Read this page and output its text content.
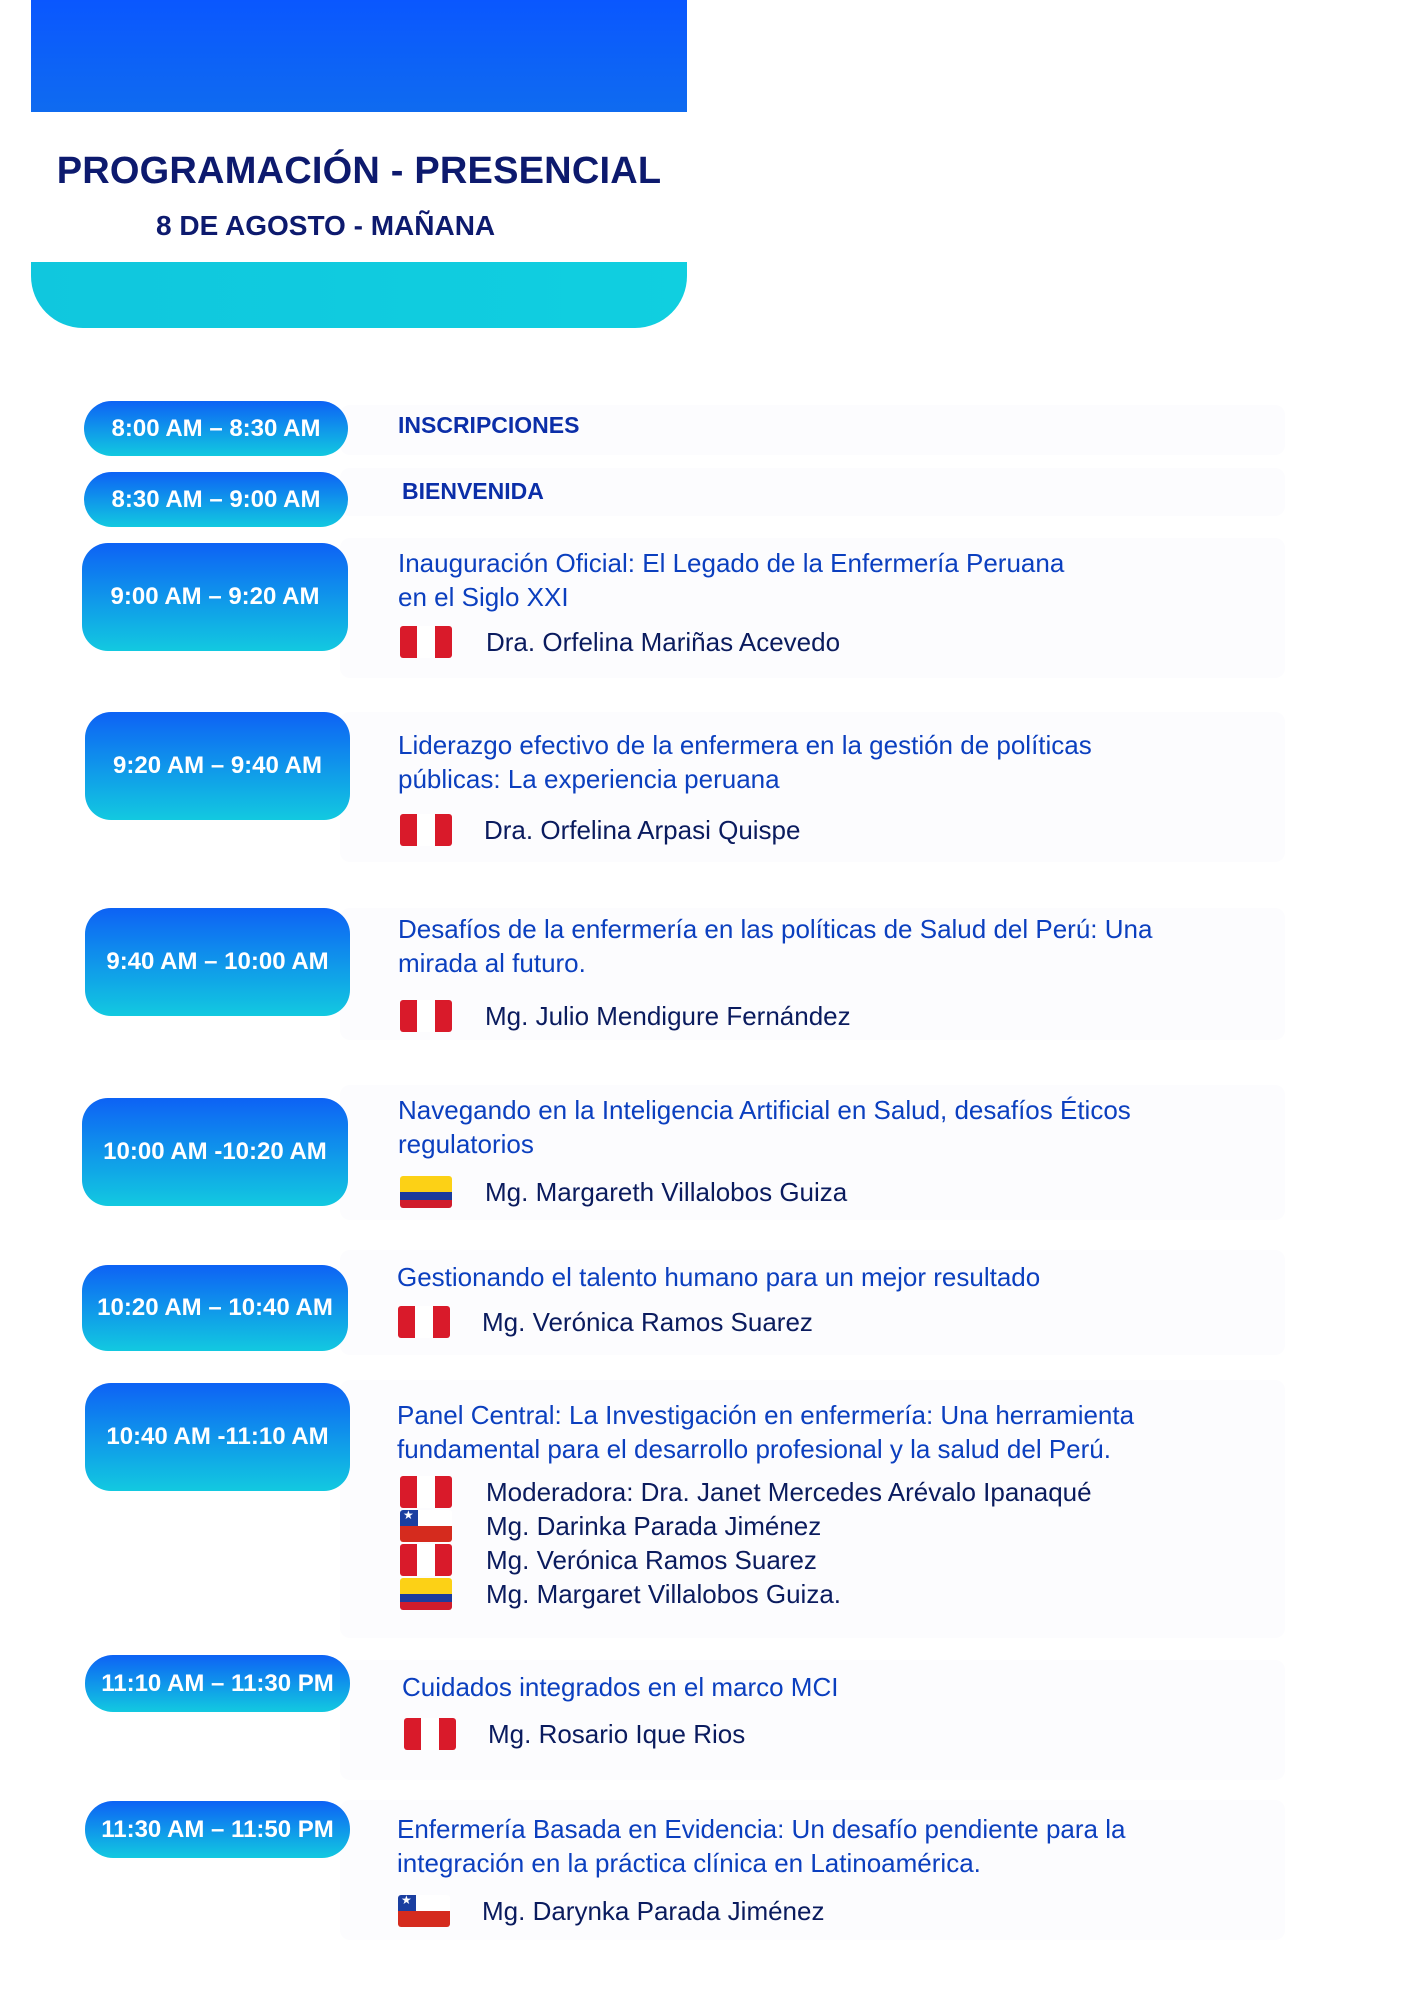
PROGRAMACIÓN - PRESENCIAL
8 DE AGOSTO - MAÑANA
8:00 AM – 8:30 AM	INSCRIPCIONES
8:30 AM – 9:00 AM	BIENVENIDA
9:00 AM – 9:20 AM
Inauguración Oficial: El Legado de la Enfermería Peruana
en el Siglo XXI
Dra. Orfelina Mariñas Acevedo
9:20 AM – 9:40 AM
Liderazgo efectivo de la enfermera en la gestión de políticas
públicas: La experiencia peruana
Dra. Orfelina Arpasi Quispe
9:40 AM – 10:00 AM
Desafíos de la enfermería en las políticas de Salud del Perú: Una
mirada al futuro.
Mg. Julio Mendigure Fernández
10:00 AM -10:20 AM
Navegando en la Inteligencia Artificial en Salud, desafíos Éticos
regulatorios
Mg. Margareth Villalobos Guiza
10:20 AM – 10:40 AM
Gestionando el talento humano para un mejor resultado
Mg. Verónica Ramos Suarez
10:40 AM -11:10 AM
Panel Central: La Investigación en enfermería: Una herramienta
fundamental para el desarrollo profesional y la salud del Perú.
Moderadora: Dra. Janet Mercedes Arévalo Ipanaqué
★
Mg. Darinka Parada Jiménez
Mg. Verónica Ramos Suarez
Mg. Margaret Villalobos Guiza.
11:10 AM – 11:30 PM	Cuidados integrados en el marco MCI
Mg. Rosario Ique Rios
11:30 AM – 11:50 PM	Enfermería Basada en Evidencia: Un desafío pendiente para la
integración en la práctica clínica en Latinoamérica.
★
Mg. Darynka Parada Jiménez
